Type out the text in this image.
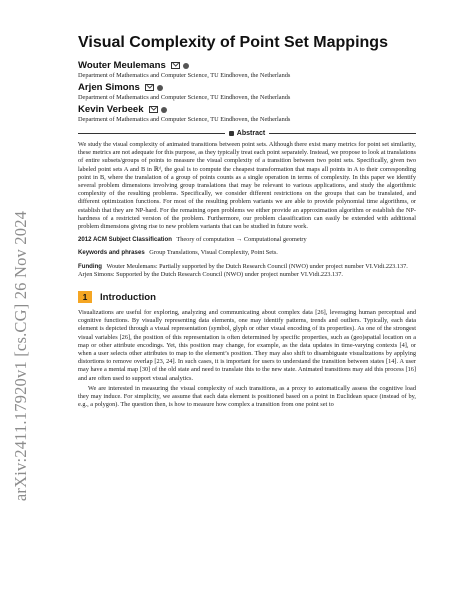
arXiv:2411.17920v1 [cs.CG] 26 Nov 2024
Visual Complexity of Point Set Mappings
Wouter Meulemans
Department of Mathematics and Computer Science, TU Eindhoven, the Netherlands
Arjen Simons
Department of Mathematics and Computer Science, TU Eindhoven, the Netherlands
Kevin Verbeek
Department of Mathematics and Computer Science, TU Eindhoven, the Netherlands
Abstract

We study the visual complexity of animated transitions between point sets. Although there exist many metrics for point set similarity, these metrics are not adequate for this purpose, as they typically treat each point separately. Instead, we propose to look at translations of entire subsets/groups of points to measure the visual complexity of a transition between two point sets. Specifically, given two labeled point sets A and B in ℝᵈ, the goal is to compute the cheapest transformation that maps all points in A to their corresponding point in B, where the translation of a group of points counts as a single operation in terms of complexity. In this paper we identify several problem dimensions involving group translations that may be relevant to various applications, and study the algorithmic complexity of the resulting problems. Specifically, we consider different restrictions on the groups that can be translated, and different optimization functions. For most of the resulting problem variants we are able to provide polynomial time algorithms, or establish that they are NP-hard. For the remaining open problems we either provide an approximation algorithm or establish the NP-hardness of a restricted version of the problem. Furthermore, our problem classification can easily be extended with additional problem dimensions giving rise to new problem variants that can be studied in future work.

2012 ACM Subject Classification Theory of computation → Computational geometry
Keywords and phrases Group Translations, Visual Complexity, Point Sets.
Funding Wouter Meulemans: Partially supported by the Dutch Research Council (NWO) under project number VI.Vidi.223.137.
Arjen Simons: Supported by the Dutch Research Council (NWO) under project number VI.Vidi.223.137.
1	Introduction

Visualizations are useful for exploring, analyzing and communicating about complex data [26], leveraging human perceptual and cognitive functions. By visually representing data elements, one may identify patterns, trends and outliers. Typically, each data element is depicted through a visual representation (symbol, glyph or other visual encoding of its properties). As one of the strongest visual variables [26], the position of this representation is often determined by specific properties, such as (geo)spatial location on a map or other attribute encodings. Yet, this position may change, for example, as the data updates in time-varying contexts [4], or when a user selects other attributes to map to the element’s position. They may also shift to disambiguate visualizations by applying distortions to remove overlap [23, 24]. In such cases, it is important for users to understand the transition between states [14]. A user may have a mental map [30] of the old state and need to translate this to the new state. Animated transitions may aid this process [16] and are often used to support visual analytics.

We are interested in measuring the visual complexity of such transitions, as a proxy to automatically assess the cognitive load they may induce. For simplicity, we assume that each data element is positioned based on a point in Euclidean space (instead of by, e.g., a polygon). The question then, is how to measure how complex a transition from one point set to
